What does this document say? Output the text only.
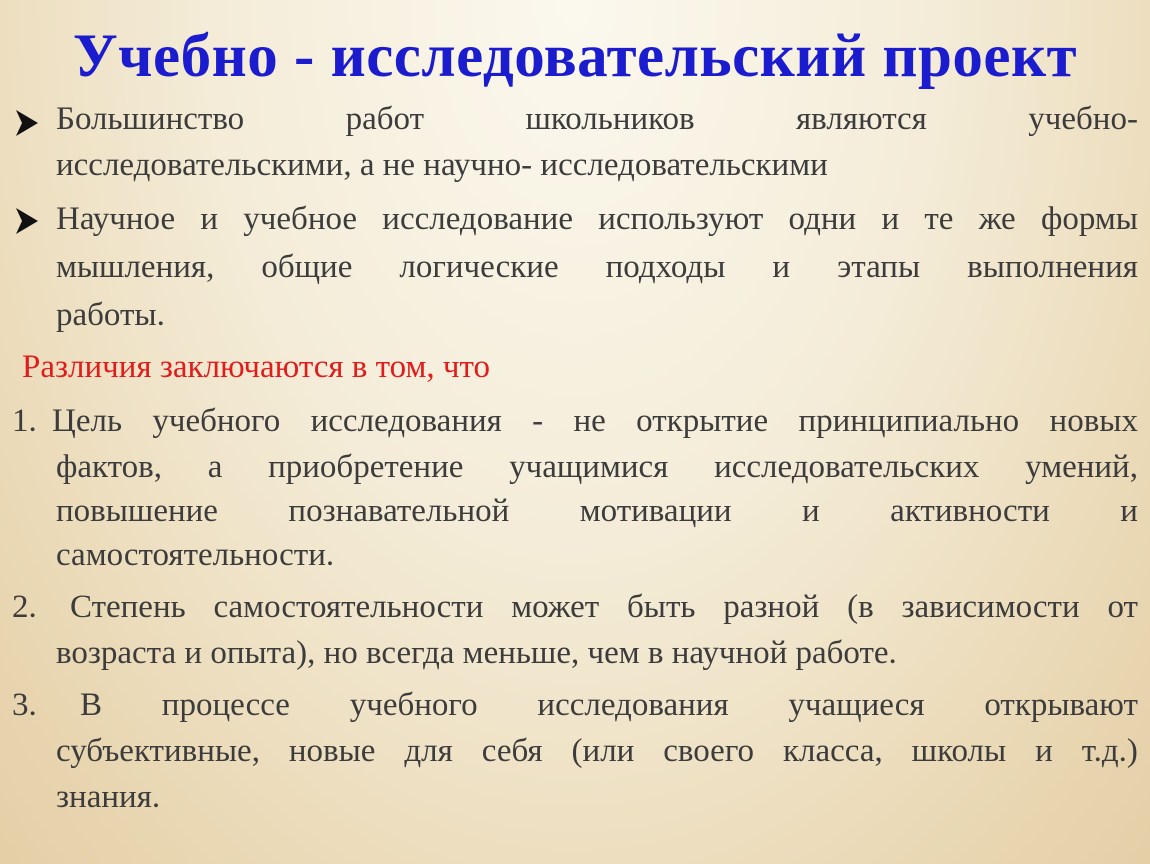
Учебно - исследовательский проект
Большинство	работ	школьников	являются	учебно-
исследовательскими, а не научно- исследовательскими
Научное и учебное исследование используют одни и те же формы
мышления, общие логические подходы и этапы выполнения
работы.
Различия заключаются в том, что
1. Цель учебного исследования - не открытие принципиально новых
фактов, а приобретение учащимися исследовательских умений,
повышение познавательной мотивации и активности и
самостоятельности.
2. Степень самостоятельности может быть разной (в зависимости от
возраста и опыта), но всегда меньше, чем в научной работе.
3. В процессе учебного исследования учащиеся открывают
субъективные, новые для себя (или своего класса, школы и т.д.)
знания.
